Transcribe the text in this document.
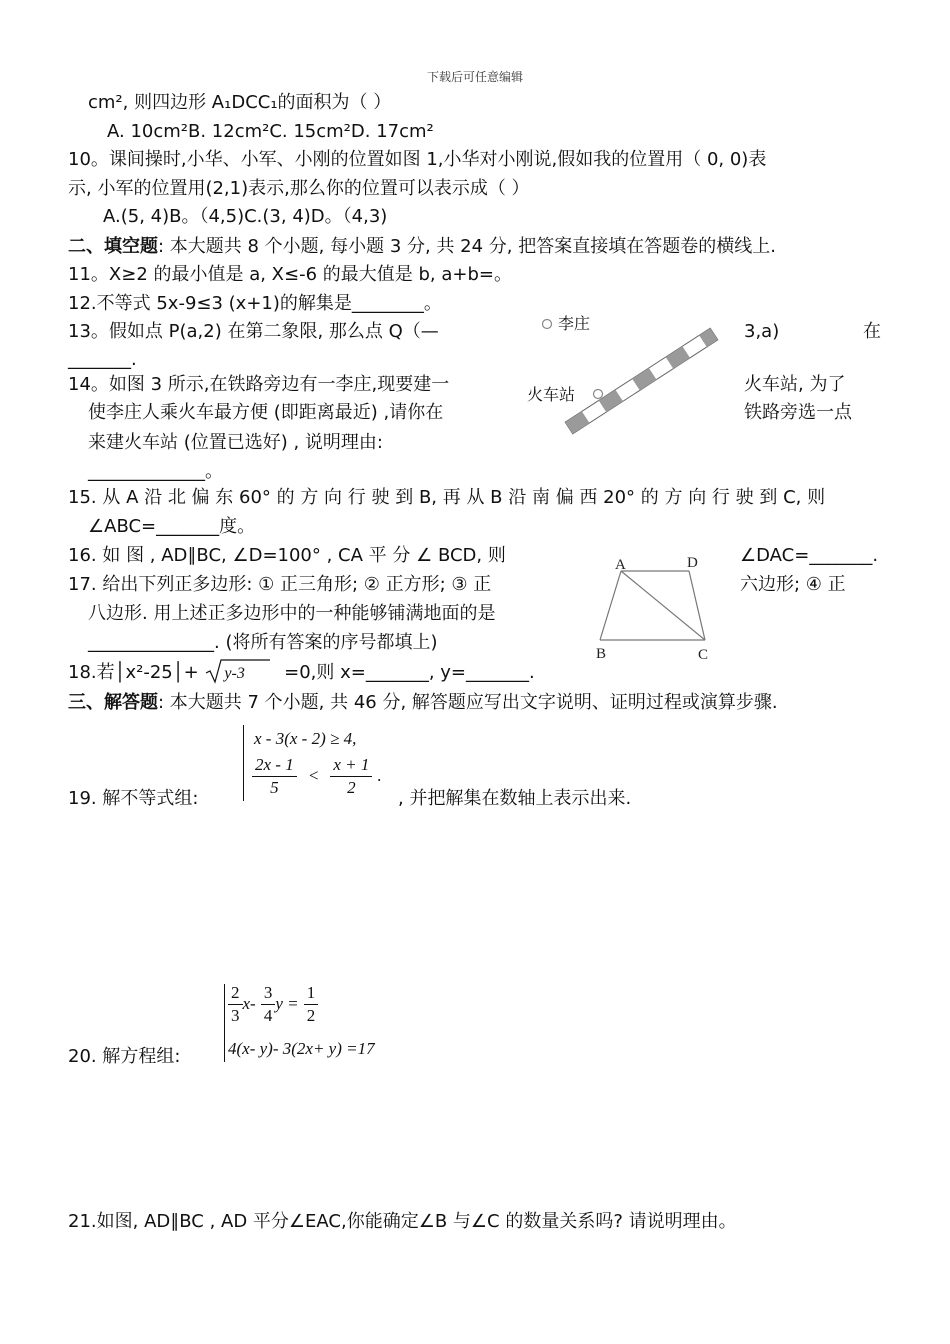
下载后可任意编辑
cm², 则四边形 A₁DCC₁的面积为（ ）
A. 10cm²B. 12cm²C. 15cm²D. 17cm²
10。课间操时,小华、小军、小刚的位置如图 1,小华对小刚说,假如我的位置用（ 0, 0)表
示, 小军的位置用(2,1)表示,那么你的位置可以表示成（ ）
A.(5, 4)B。（4,5)C.(3, 4)D。（4,3)
二、填空题: 本大题共 8 个小题, 每小题 3 分, 共 24 分, 把答案直接填在答题卷的横线上.
11。X≥2 的最小值是 a, X≤-6 的最大值是 b, a+b=。
12.不等式 5x-9≤3 (x+1)的解集是________。
13。假如点 P(a,2) 在第二象限, 那么点 Q（—	3,a)	在
_______.
14。如图 3 所示,在铁路旁边有一李庄,现要建一	火车站, 为了
使李庄人乘火车最方便 (即距离最近) ,请你在	铁路旁选一点
来建火车站 (位置已选好) , 说明理由:
_____________。
李庄
火车站
15. 从 A 沿 北 偏 东 60° 的 方 向 行 驶 到 B, 再 从 B 沿 南 偏 西 20° 的 方 向 行 驶 到 C, 则
∠ABC=_______度。
16. 如 图 , AD∥BC, ∠D=100° , CA 平 分 ∠ BCD, 则	∠DAC=_______.
A	D
B	C
17. 给出下列正多边形: ① 正三角形; ② 正方形; ③ 正	六边形; ④ 正
八边形. 用上述正多边形中的一种能够铺满地面的是
______________. (将所有答案的序号都填上)
18.若│x²-25│+ y-3 =0,则 x=_______, y=_______.
三、解答题: 本大题共 7 个小题, 共 46 分, 解答题应写出文字说明、证明过程或演算步骤.
19. 解不等式组:
x - 3(x - 2) ≥ 4,
$\frac{2x - 1}{5} < \frac{x + 1}{2}$ .
, 并把解集在数轴上表示出来.
20. 解方程组:
$\frac{2}{3} x- \frac{3}{4}$ $y = \frac{1}{2}$
4(x- y)- 3(2x+ y) =17
21.如图, AD∥BC , AD 平分∠EAC,你能确定∠B 与∠C 的数量关系吗? 请说明理由。
